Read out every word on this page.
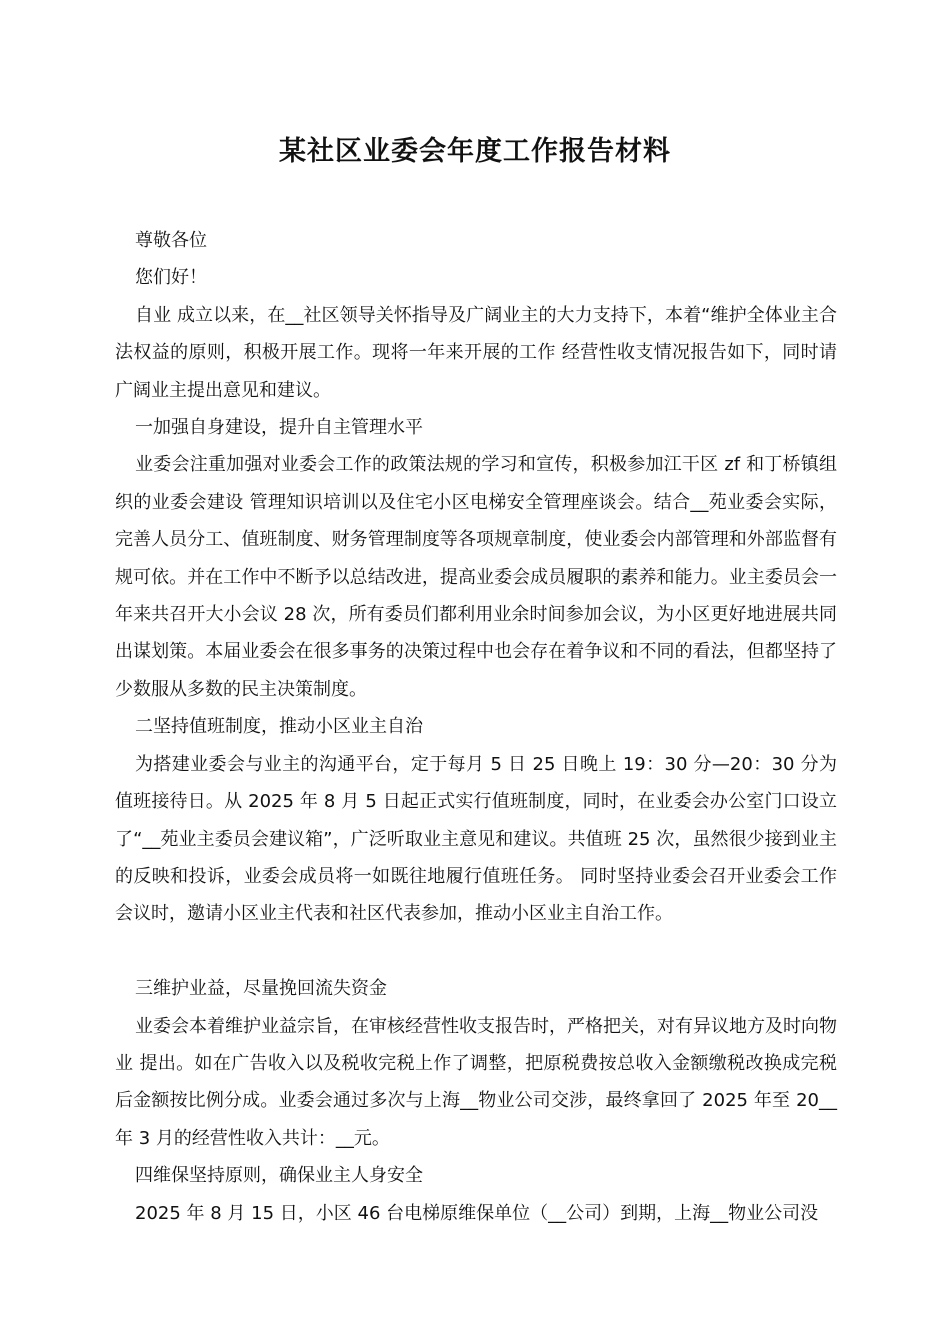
某社区业委会年度工作报告材料

尊敬各位

您们好！

自业 成立以来，在__社区领导关怀指导及广阔业主的大力支持下，本着“维护全体业主合法权益的原则，积极开展工作。现将一年来开展的工作 经营性收支情况报告如下，同时请广阔业主提出意见和建议。

一加强自身建设，提升自主管理水平

业委会注重加强对业委会工作的政策法规的学习和宣传，积极参加江干区 zf 和丁桥镇组织的业委会建设 管理知识培训以及住宅小区电梯安全管理座谈会。结合__苑业委会实际，完善人员分工、值班制度、财务管理制度等各项规章制度，使业委会内部管理和外部监督有规可依。并在工作中不断予以总结改进，提高业委会成员履职的素养和能力。业主委员会一年来共召开大小会议 28 次，所有委员们都利用业余时间参加会议，为小区更好地进展共同出谋划策。本届业委会在很多事务的决策过程中也会存在着争议和不同的看法，但都坚持了少数服从多数的民主决策制度。

二坚持值班制度，推动小区业主自治

为搭建业委会与业主的沟通平台，定于每月 5 日 25 日晚上 19：30 分—20：30 分为值班接待日。从 2025 年 8 月 5 日起正式实行值班制度，同时，在业委会办公室门口设立了“__苑业主委员会建议箱”，广泛听取业主意见和建议。共值班 25 次，虽然很少接到业主的反映和投诉，业委会成员将一如既往地履行值班任务。 同时坚持业委会召开业委会工作会议时，邀请小区业主代表和社区代表参加，推动小区业主自治工作。

三维护业益，尽量挽回流失资金

业委会本着维护业益宗旨，在审核经营性收支报告时，严格把关，对有异议地方及时向物业 提出。如在广告收入以及税收完税上作了调整，把原税费按总收入金额缴税改换成完税后金额按比例分成。业委会通过多次与上海__物业公司交涉，最终拿回了 2025 年至 20__年 3 月的经营性收入共计：__元。

四维保坚持原则，确保业主人身安全

2025 年 8 月 15 日，小区 46 台电梯原维保单位（__公司）到期，上海__物业公司没
